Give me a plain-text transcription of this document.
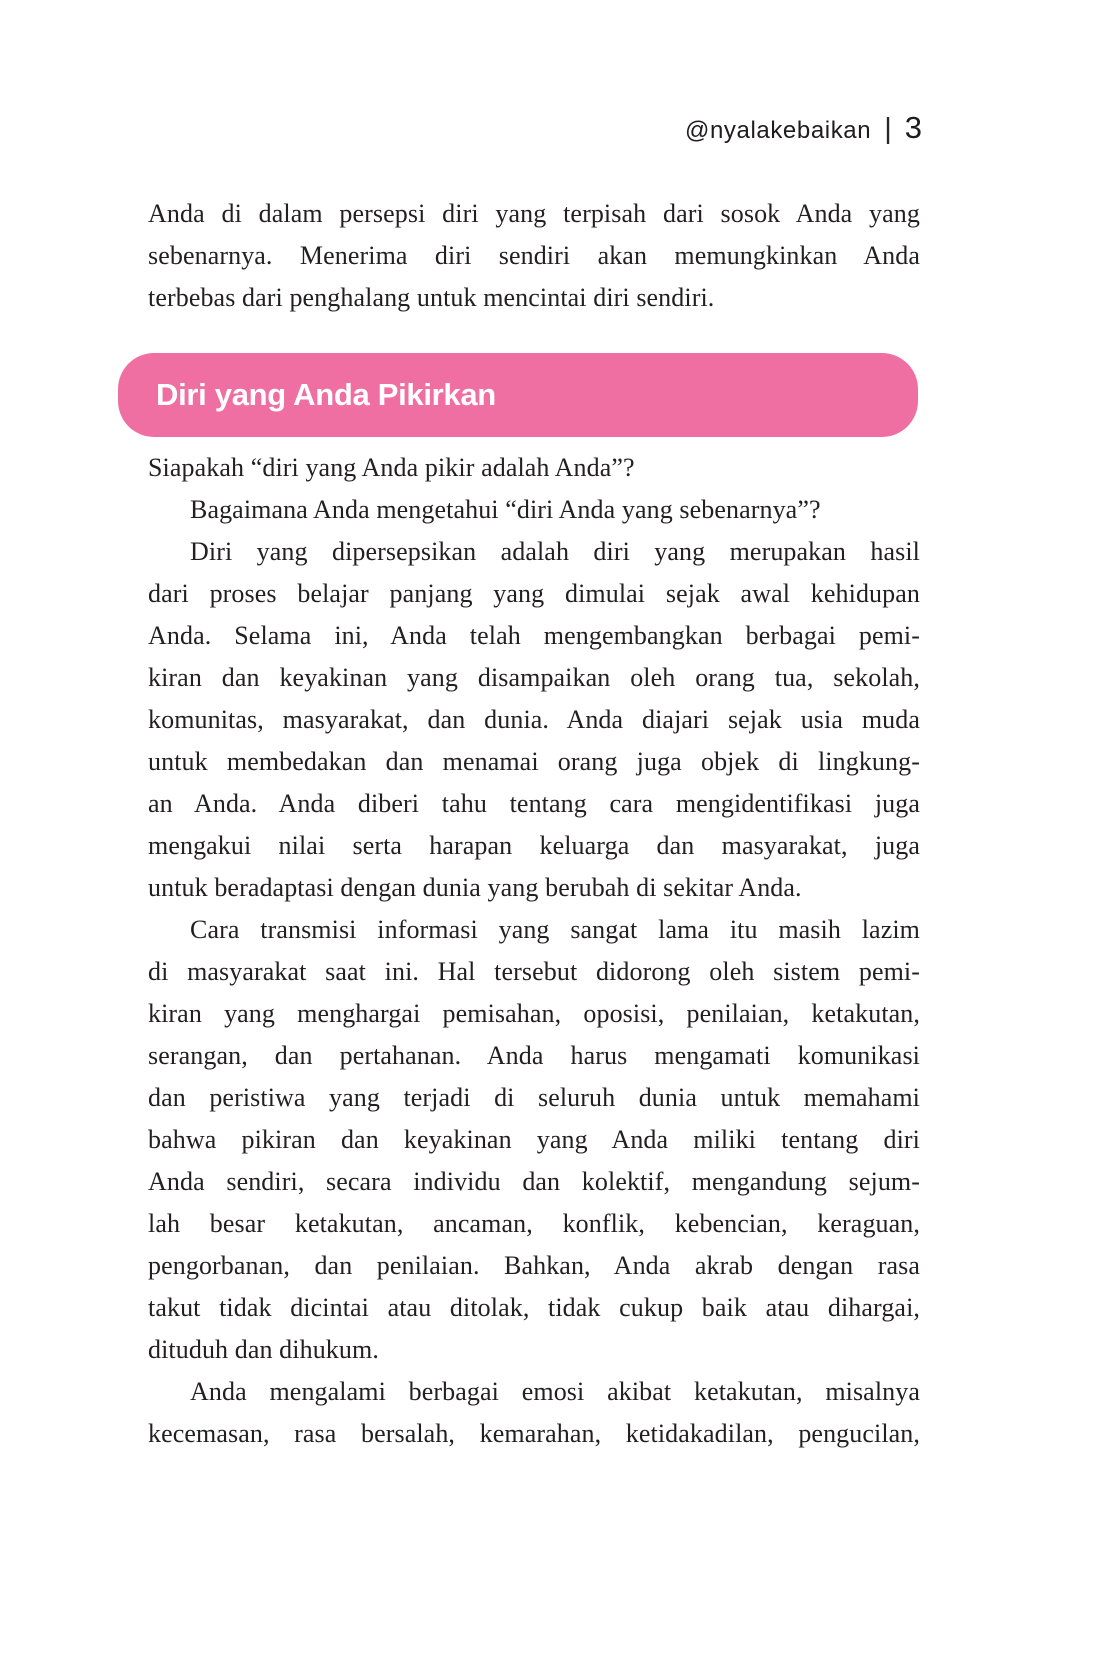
@nyalakebaikan | 3
Anda di dalam persepsi diri yang terpisah dari sosok Anda yang
sebenarnya. Menerima diri sendiri akan memungkinkan Anda
terbebas dari penghalang untuk mencintai diri sendiri.
Diri yang Anda Pikirkan
Siapakah “diri yang Anda pikir adalah Anda”?
Bagaimana Anda mengetahui “diri Anda yang sebenarnya”?
Diri yang dipersepsikan adalah diri yang merupakan hasil
dari proses belajar panjang yang dimulai sejak awal kehidupan
Anda. Selama ini, Anda telah mengembangkan berbagai pemi-
kiran dan keyakinan yang disampaikan oleh orang tua, sekolah,
komunitas, masyarakat, dan dunia. Anda diajari sejak usia muda
untuk membedakan dan menamai orang juga objek di lingkung-
an Anda. Anda diberi tahu tentang cara mengidentifikasi juga
mengakui nilai serta harapan keluarga dan masyarakat, juga
untuk beradaptasi dengan dunia yang berubah di sekitar Anda.
Cara transmisi informasi yang sangat lama itu masih lazim
di masyarakat saat ini. Hal tersebut didorong oleh sistem pemi-
kiran yang menghargai pemisahan, oposisi, penilaian, ketakutan,
serangan, dan pertahanan. Anda harus mengamati komunikasi
dan peristiwa yang terjadi di seluruh dunia untuk memahami
bahwa pikiran dan keyakinan yang Anda miliki tentang diri
Anda sendiri, secara individu dan kolektif, mengandung sejum-
lah besar ketakutan, ancaman, konflik, kebencian, keraguan,
pengorbanan, dan penilaian. Bahkan, Anda akrab dengan rasa
takut tidak dicintai atau ditolak, tidak cukup baik atau dihargai,
dituduh dan dihukum.
Anda mengalami berbagai emosi akibat ketakutan, misalnya
kecemasan, rasa bersalah, kemarahan, ketidakadilan, pengucilan,
